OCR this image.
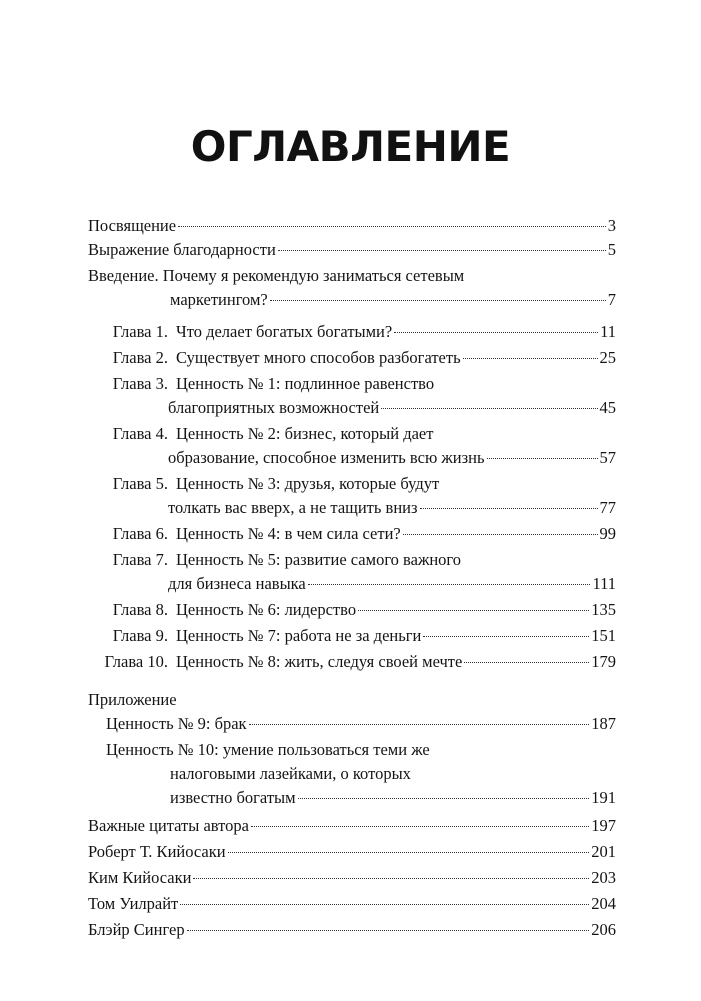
ОГЛАВЛЕНИЕ
Посвящение	3
Выражение благодарности	5
Введение. Почему я рекомендую заниматься сетевым
маркетингом?	7
Глава 1. Что делает богатых богатыми?	11
Глава 2. Существует много способов разбогатеть	25
Глава 3. Ценность № 1: подлинное равенство
благоприятных возможностей	45
Глава 4. Ценность № 2: бизнес, который дает
образование, способное изменить всю жизнь	57
Глава 5. Ценность № 3: друзья, которые будут
толкать вас вверх, а не тащить вниз	77
Глава 6. Ценность № 4: в чем сила сети?	99
Глава 7. Ценность № 5: развитие самого важного
для бизнеса навыка	111
Глава 8. Ценность № 6: лидерство	135
Глава 9. Ценность № 7: работа не за деньги	151
Глава 10. Ценность № 8: жить, следуя своей мечте	179
Приложение
Ценность № 9: брак	187
Ценность № 10: умение пользоваться теми же
налоговыми лазейками, о которых
известно богатым	191
Важные цитаты автора	197
Роберт Т. Кийосаки	201
Ким Кийосаки	203
Том Уилрайт	204
Блэйр Сингер	206
